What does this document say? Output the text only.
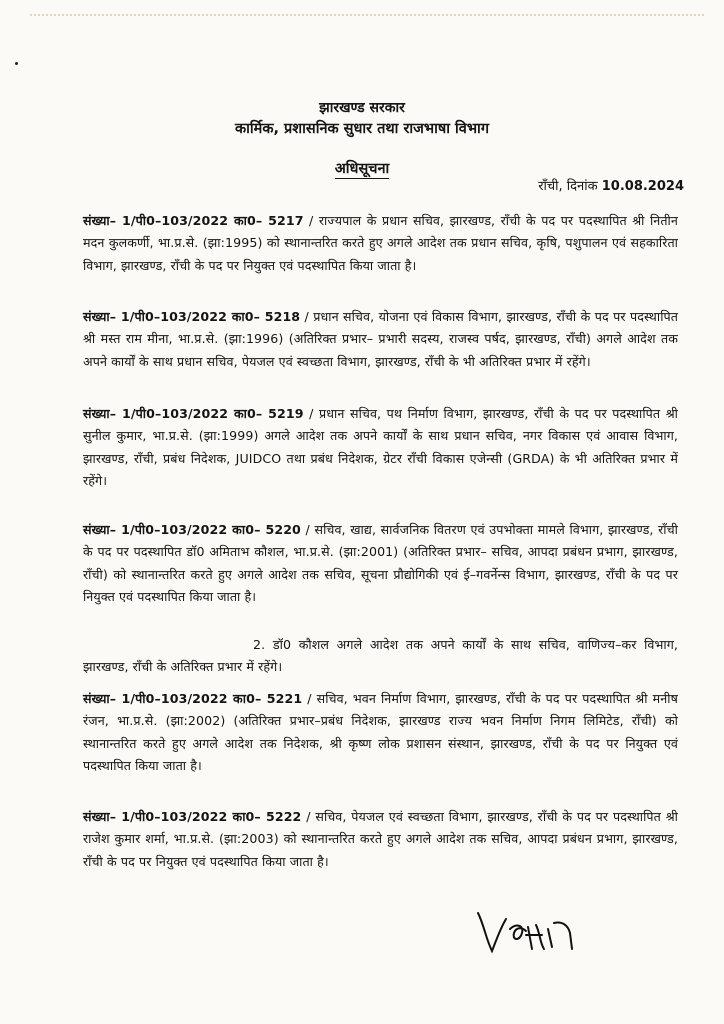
झारखण्ड सरकार
कार्मिक, प्रशासनिक सुधार तथा राजभाषा विभाग
अधिसूचना
राँची, दिनांक 10.08.2024
संख्या– 1/पी0–103/2022 का0– 5217 / राज्यपाल के प्रधान सचिव, झारखण्ड, राँची के पद पर पदस्थापित श्री नितीन मदन कुलकर्णी, भा.प्र.से. (झा:1995) को स्थानान्तरित करते हुए अगले आदेश तक प्रधान सचिव, कृषि, पशुपालन एवं सहकारिता विभाग, झारखण्ड, राँची के पद पर नियुक्त एवं पदस्थापित किया जाता है।
संख्या– 1/पी0–103/2022 का0– 5218 / प्रधान सचिव, योजना एवं विकास विभाग, झारखण्ड, राँची के पद पर पदस्थापित श्री मस्त राम मीना, भा.प्र.से. (झा:1996) (अतिरिक्त प्रभार– प्रभारी सदस्य, राजस्व पर्षद, झारखण्ड, राँची) अगले आदेश तक अपने कार्यों के साथ प्रधान सचिव, पेयजल एवं स्वच्छता विभाग, झारखण्ड, राँची के भी अतिरिक्त प्रभार में रहेंगे।
संख्या– 1/पी0–103/2022 का0– 5219 / प्रधान सचिव, पथ निर्माण विभाग, झारखण्ड, राँची के पद पर पदस्थापित श्री सुनील कुमार, भा.प्र.से. (झा:1999) अगले आदेश तक अपने कार्यों के साथ प्रधान सचिव, नगर विकास एवं आवास विभाग, झारखण्ड, राँची, प्रबंध निदेशक, JUIDCO तथा प्रबंध निदेशक, ग्रेटर राँची विकास एजेन्सी (GRDA) के भी अतिरिक्त प्रभार में रहेंगे।
संख्या– 1/पी0–103/2022 का0– 5220 / सचिव, खाद्य, सार्वजनिक वितरण एवं उपभोक्ता मामले विभाग, झारखण्ड, राँची के पद पर पदस्थापित डॉ0 अमिताभ कौशल, भा.प्र.से. (झा:2001) (अतिरिक्त प्रभार– सचिव, आपदा प्रबंधन प्रभाग, झारखण्ड, राँची) को स्थानान्तरित करते हुए अगले आदेश तक सचिव, सूचना प्रौद्योगिकी एवं ई–गवर्नेन्स विभाग, झारखण्ड, राँची के पद पर नियुक्त एवं पदस्थापित किया जाता है।
2. डॉ0 कौशल अगले आदेश तक अपने कार्यों के साथ सचिव, वाणिज्य–कर विभाग, झारखण्ड, राँची के अतिरिक्त प्रभार में रहेंगे।
संख्या– 1/पी0–103/2022 का0– 5221 / सचिव, भवन निर्माण विभाग, झारखण्ड, राँची के पद पर पदस्थापित श्री मनीष रंजन, भा.प्र.से. (झा:2002) (अतिरिक्त प्रभार–प्रबंध निदेशक, झारखण्ड राज्य भवन निर्माण निगम लिमिटेड, राँची) को स्थानान्तरित करते हुए अगले आदेश तक निदेशक, श्री कृष्ण लोक प्रशासन संस्थान, झारखण्ड, राँची के पद पर नियुक्त एवं पदस्थापित किया जाता है।
संख्या– 1/पी0–103/2022 का0– 5222 / सचिव, पेयजल एवं स्वच्छता विभाग, झारखण्ड, राँची के पद पर पदस्थापित श्री राजेश कुमार शर्मा, भा.प्र.से. (झा:2003) को स्थानान्तरित करते हुए अगले आदेश तक सचिव, आपदा प्रबंधन प्रभाग, झारखण्ड, राँची के पद पर नियुक्त एवं पदस्थापित किया जाता है।
